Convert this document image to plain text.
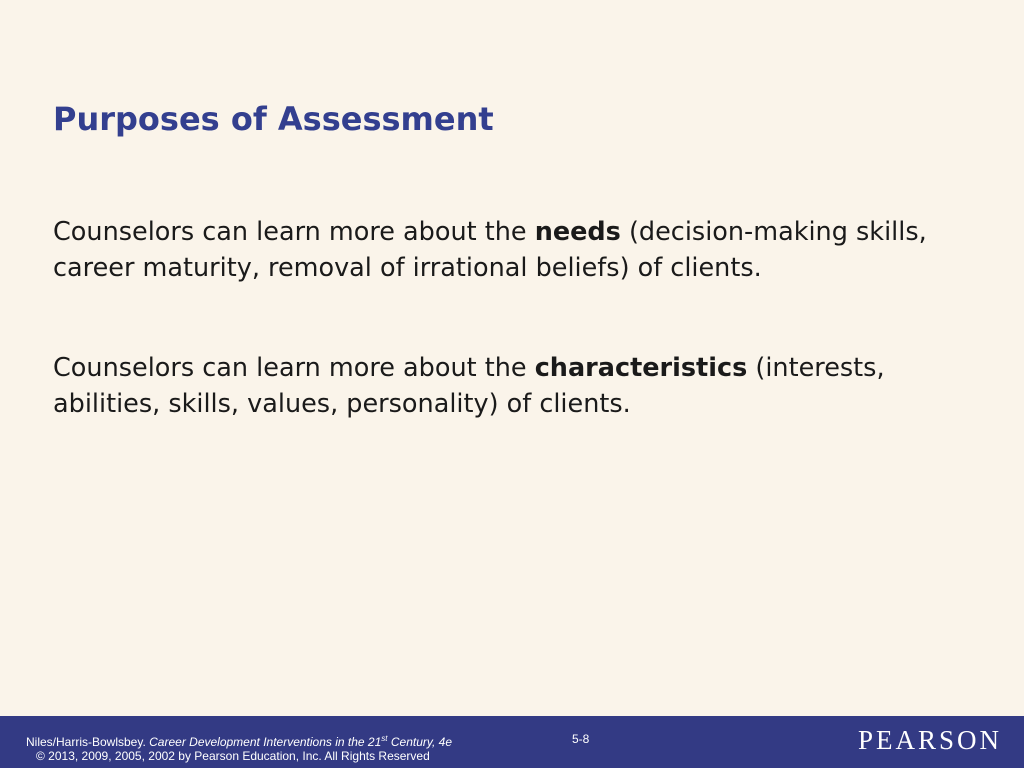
Purposes of Assessment

Counselors can learn more about the needs (decision-making skills, career maturity, removal of irrational beliefs) of clients.

Counselors can learn more about the characteristics (interests, abilities, skills, values, personality) of clients.

Niles/Harris-Bowlsbey. Career Development Interventions in the 21st Century, 4e
© 2013, 2009, 2005, 2002 by Pearson Education, Inc. All Rights Reserved
5-8	PEARSON
